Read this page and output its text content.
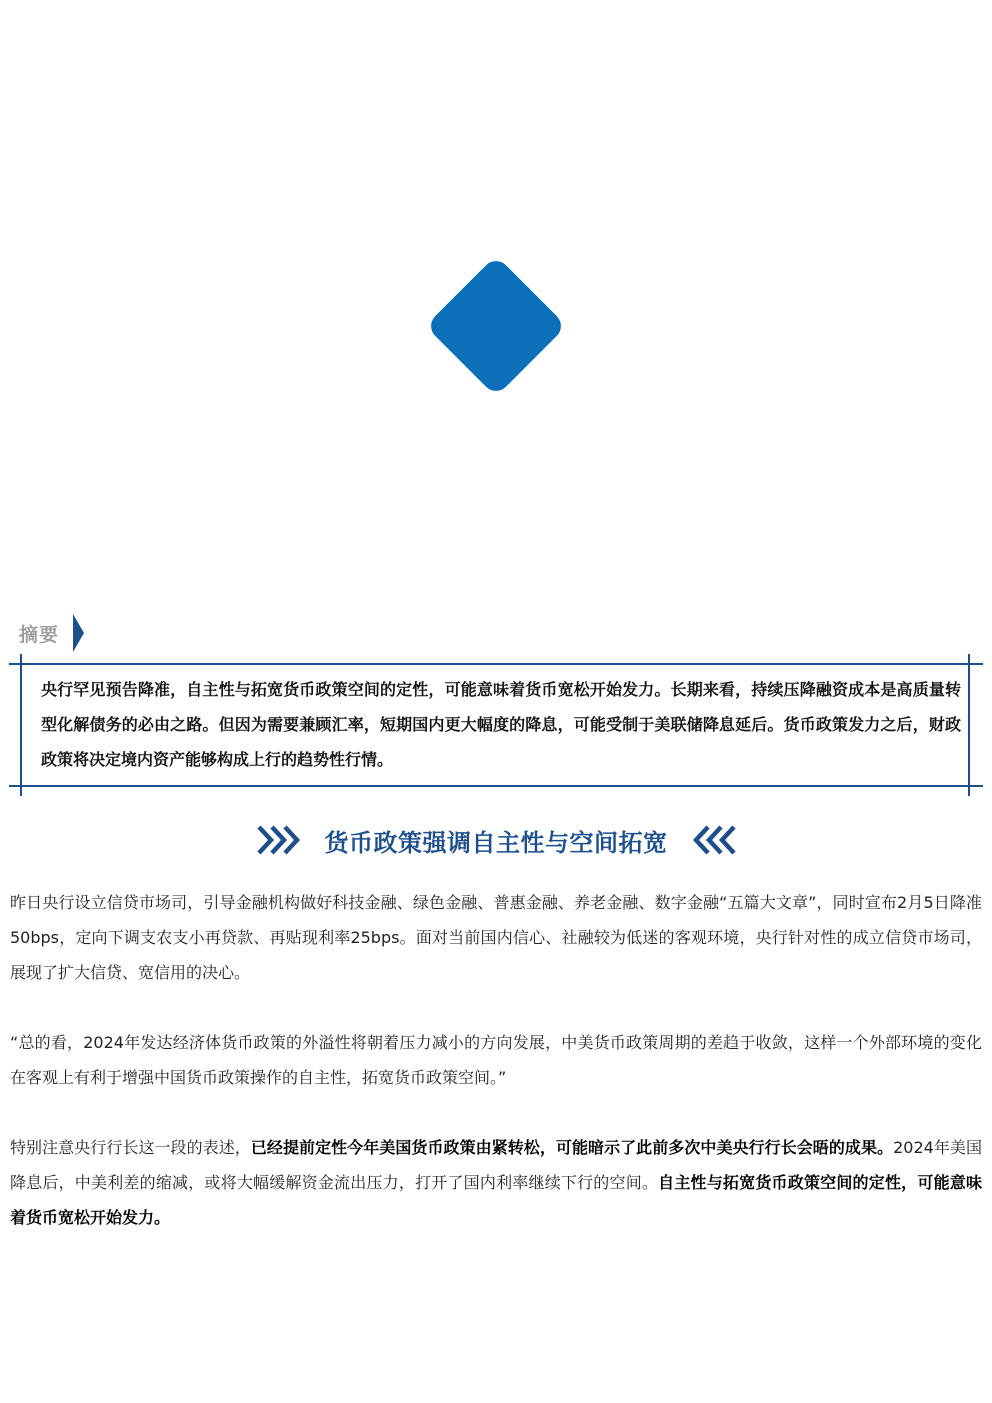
摘要
央行罕见预告降准，自主性与拓宽货币政策空间的定性，可能意味着货币宽松开始发力。长期来看，持续压降融资成本是高质量转型化解债务的必由之路。但因为需要兼顾汇率，短期国内更大幅度的降息，可能受制于美联储降息延后。货币政策发力之后，财政政策将决定境内资产能够构成上行的趋势性行情。
货币政策强调自主性与空间拓宽

昨日央行设立信贷市场司，引导金融机构做好科技金融、绿色金融、普惠金融、养老金融、数字金融“五篇大文章”，同时宣布2月5日降准50bps，定向下调支农支小再贷款、再贴现利率25bps。面对当前国内信心、社融较为低迷的客观环境，央行针对性的成立信贷市场司，展现了扩大信贷、宽信用的决心。

“总的看，2024年发达经济体货币政策的外溢性将朝着压力减小的方向发展，中美货币政策周期的差趋于收敛，这样一个外部环境的变化在客观上有利于增强中国货币政策操作的自主性，拓宽货币政策空间。”

特别注意央行行长这一段的表述，已经提前定性今年美国货币政策由紧转松，可能暗示了此前多次中美央行行长会晤的成果。2024年美国降息后，中美利差的缩减，或将大幅缓解资金流出压力，打开了国内利率继续下行的空间。自主性与拓宽货币政策空间的定性，可能意味着货币宽松开始发力。
